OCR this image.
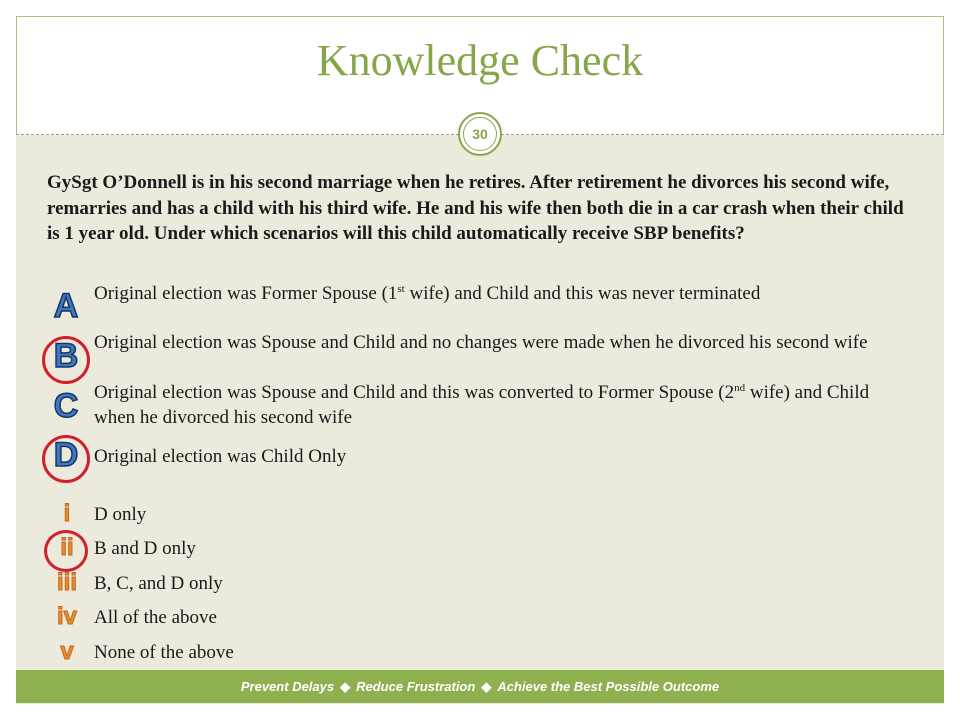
Knowledge Check
30
GySgt O’Donnell is in his second marriage when he retires. After retirement he divorces his second wife, remarries and has a child with his third wife. He and his wife then both die in a car crash when their child is 1 year old. Under which scenarios will this child automatically receive SBP benefits?
A
B
C
D
Original election was Former Spouse (1st wife) and Child and this was never terminated
Original election was Spouse and Child and no changes were made when he divorced his second wife
Original election was Spouse and Child and this was converted to Former Spouse (2nd wife) and Child when he divorced his second wife
Original election was Child Only
i
ii
iii
iv
v
D only
B and D only
B, C, and D only
All of the above
None of the above
Prevent Delays ◆ Reduce Frustration ◆ Achieve the Best Possible Outcome
